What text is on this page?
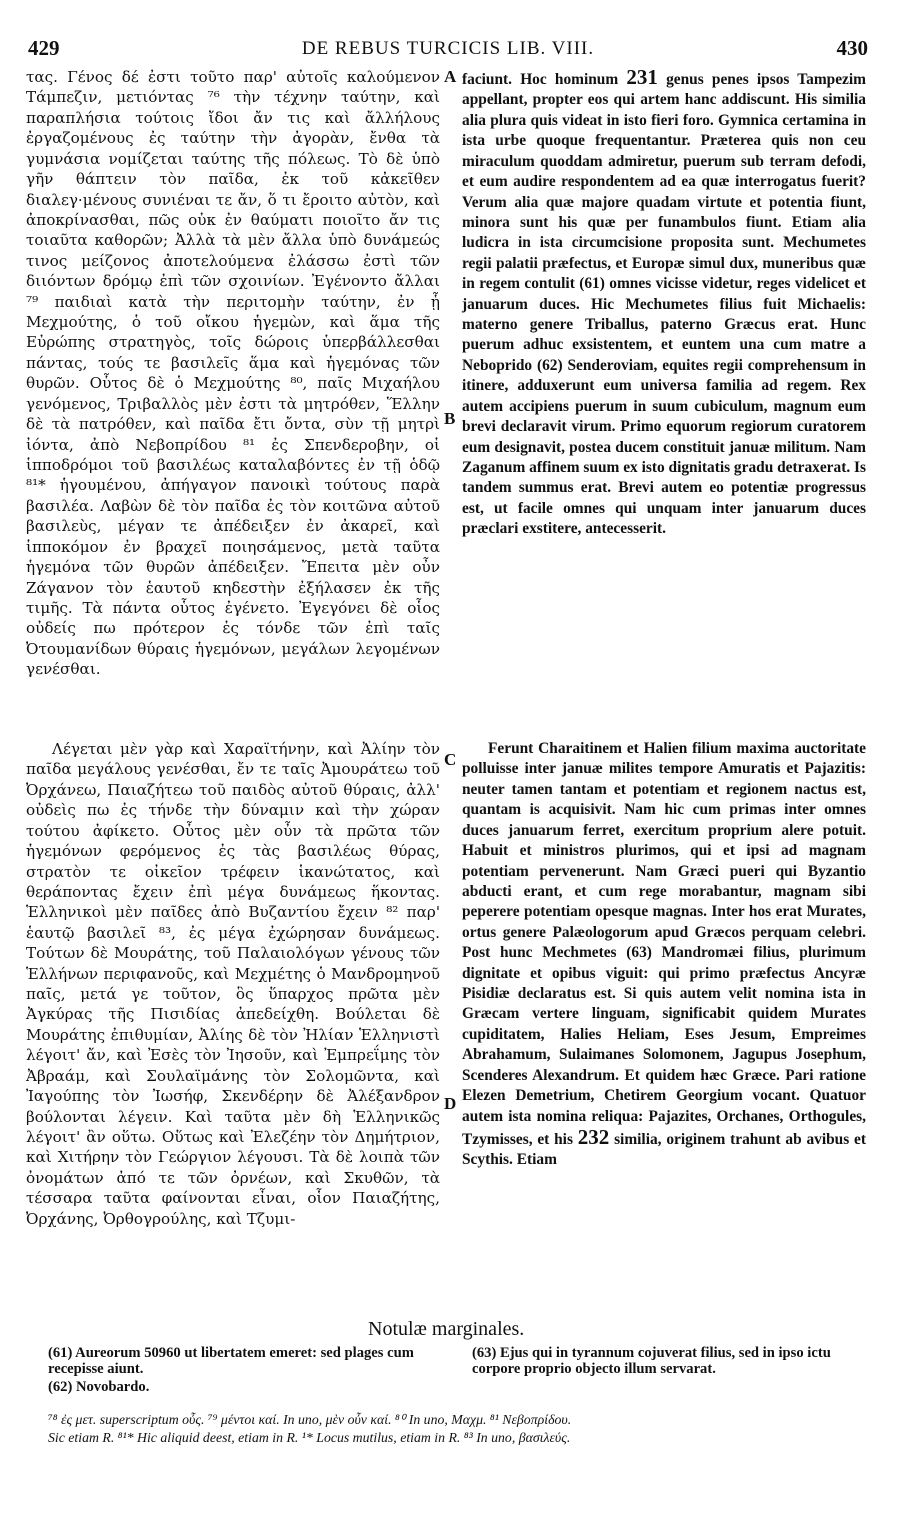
429	DE REBUS TURCICIS LIB. VIII.	430

τας. Γένος δέ ἐστι τοῦτο παρ' αὐτοῖς καλούμενον Τάμπεζιν, μετιόντας ⁷⁶ τὴν τέχνην ταύτην, καὶ παραπλήσια τούτοις ἴδοι ἄν τις καὶ ἄλλήλους ἐργαζομένους ἐς ταύτην τὴν ἀγορὰν, ἔνθα τὰ γυμνάσια νομίζεται ταύτης τῆς πόλεως. Τὸ δὲ ὑπὸ γῆν θάπτειν τὸν παῖδα, ἐκ τοῦ κἀκεῖθεν διαλεγ·μένους συνιέναι τε ἄν, ὅ τι ἔροιτο αὐτὸν, καὶ ἀποκρίνασθαι, πῶς οὐκ ἐν θαύματι ποιοῖτο ἄν τις τοιαῦτα καθορῶν; Ἀλλὰ τὰ μὲν ἄλλα ὑπὸ δυνάμεώς τινος μείζονος ἀποτελούμενα ἐλάσσω ἐστὶ τῶν διιόντων δρόμῳ ἐπὶ τῶν σχοινίων. Ἐγένοντο ἄλλαι ⁷⁹ παιδιαὶ κατὰ τὴν περιτομὴν ταύτην, ἐν ᾗ Μεχμούτης, ὁ τοῦ οἴκου ἡγεμὼν, καὶ ἅμα τῆς Εὐρώπης στρατηγὸς, τοῖς δώροις ὑπερβάλλεσθαι πάντας, τούς τε βασιλεῖς ἅμα καὶ ἡγεμόνας τῶν θυρῶν. Οὗτος δὲ ὁ Μεχμούτης ⁸⁰, παῖς Μιχαήλου γενόμενος, Τριβαλλὸς μὲν ἐστι τὰ μητρόθεν, Ἕλλην δὲ τὰ πατρόθεν, καὶ παῖδα ἔτι ὄντα, σὺν τῇ μητρὶ ἰόντα, ἀπὸ Νεβοπρίδου ⁸¹ ἐς Σπενδεροβην, οἱ ἱπποδρόμοι τοῦ βασιλέως καταλαβόντες ἐν τῇ ὁδῷ ⁸¹* ἡγουμένου, ἀπήγαγον πανοικὶ τούτους παρὰ βασιλέα. Λαβὼν δὲ τὸν παῖδα ἐς τὸν κοιτῶνα αὐτοῦ βασιλεὺς, μέγαν τε ἀπέδειξεν ἐν ἀκαρεῖ, καὶ ἱπποκόμον ἐν βραχεῖ ποιησάμενος, μετὰ ταῦτα ἡγεμόνα τῶν θυρῶν ἀπέδειξεν. Ἔπειτα μὲν οὖν Ζάγανον τὸν ἑαυτοῦ κηδεστὴν ἐξήλασεν ἐκ τῆς τιμῆς. Τὰ πάντα οὗτος ἐγένετο. Ἐγεγόνει δὲ οἷος οὐδείς πω πρότερον ἐς τόνδε τῶν ἐπὶ ταῖς Ὀτουμανίδων θύραις ἡγεμόνων, μεγάλων λεγομένων γενέσθαι.

Λέγεται μὲν γὰρ καὶ Χαραϊτήνην, καὶ Ἀλίην τὸν παῖδα μεγάλους γενέσθαι, ἔν τε ταῖς Ἀμουράτεω τοῦ Ὀρχάνεω, Παιαζήτεω τοῦ παιδὸς αὐτοῦ θύραις, ἀλλ' οὐδεὶς πω ἐς τήνδε τὴν δύναμιν καὶ τὴν χώραν τούτου ἀφίκετο. Οὗτος μὲν οὖν τὰ πρῶτα τῶν ἡγεμόνων φερόμενος ἐς τὰς βασιλέως θύρας, στρατὸν τε οἰκεῖον τρέφειν ἱκανώτατος, καὶ θεράποντας ἔχειν ἐπὶ μέγα δυνάμεως ἥκοντας. Ἑλληνικοὶ μὲν παῖδες ἀπὸ Βυζαντίου ἔχειν ⁸² παρ' ἑαυτῷ βασιλεῖ ⁸³, ἐς μέγα ἐχώρησαν δυνάμεως. Τούτων δὲ Μουράτης, τοῦ Παλαιολόγων γένους τῶν Ἑλλήνων περιφανοῦς, καὶ Μεχμέτης ὁ Μανδρομηνοῦ παῖς, μετά γε τοῦτον, ὃς ὕπαρχος πρῶτα μὲν Ἀγκύρας τῆς Πισιδίας ἀπεδείχθη. Βούλεται δὲ Μουράτης ἐπιθυμίαν, Ἀλίης δὲ τὸν Ἠλίαν Ἑλληνιστὶ λέγοιτ' ἄν, καὶ Ἐσὲς τὸν Ἰησοῦν, καὶ Ἐμπρεΐμης τὸν Ἀβραάμ, καὶ Σουλαϊμάνης τὸν Σολομῶντα, καὶ Ἰαγούπης τὸν Ἰωσήφ, Σκενδέρην δὲ Ἀλέξανδρον βούλονται λέγειν. Καὶ ταῦτα μὲν δὴ Ἑλληνικῶς λέγοιτ' ἂν οὕτω. Οὕτως καὶ Ἐλεζέην τὸν Δημήτριον, καὶ Χιτήρην τὸν Γεώργιον λέγουσι. Τὰ δὲ λοιπὰ τῶν ὀνομάτων ἀπό τε τῶν ὀρνέων, καὶ Σκυθῶν, τὰ τέσσαρα ταῦτα φαίνονται εἶναι, οἷον Παιαζήτης, Ὀρχάνης, Ὀρθογρούλης, καὶ Τζυμι-

A
B
C
D

faciunt. Hoc hominum 231 genus penes ipsos Tampezim appellant, propter eos qui artem hanc addiscunt. His similia alia plura quis videat in isto fieri foro. Gymnica certamina in ista urbe quoque frequentantur. Præterea quis non ceu miraculum quoddam admiretur, puerum sub terram defodi, et eum audire respondentem ad ea quæ interrogatus fuerit? Verum alia quæ majore quadam virtute et potentia fiunt, minora sunt his quæ per funambulos fiunt. Etiam alia ludicra in ista circumcisione proposita sunt. Mechumetes regii palatii præfectus, et Europæ simul dux, muneribus quæ in regem contulit (61) omnes vicisse videtur, reges videlicet et januarum duces. Hic Mechumetes filius fuit Michaelis: materno genere Triballus, paterno Græcus erat. Hunc puerum adhuc exsistentem, et euntem una cum matre a Neboprido (62) Senderoviam, equites regii comprehensum in itinere, adduxerunt eum universa familia ad regem. Rex autem accipiens puerum in suum cubiculum, magnum eum brevi declaravit virum. Primo equorum regiorum curatorem eum designavit, postea ducem constituit januæ militum. Nam Zaganum affinem suum ex isto dignitatis gradu detraxerat. Is tandem summus erat. Brevi autem eo potentiæ progressus est, ut facile omnes qui unquam inter januarum duces præclari exstitere, antecesserit.

Ferunt Charaitinem et Halien filium maxima auctoritate polluisse inter januæ milites tempore Amuratis et Pajazitis: neuter tamen tantam et potentiam et regionem nactus est, quantam is acquisivit. Nam hic cum primas inter omnes duces januarum ferret, exercitum proprium alere potuit. Habuit et ministros plurimos, qui et ipsi ad magnam potentiam pervenerunt. Nam Græci pueri qui Byzantio abducti erant, et cum rege morabantur, magnam sibi peperere potentiam opesque magnas. Inter hos erat Murates, ortus genere Palæologorum apud Græcos perquam celebri. Post hunc Mechmetes (63) Mandromæi filius, plurimum dignitate et opibus viguit: qui primo præfectus Ancyræ Pisidiæ declaratus est. Si quis autem velit nomina ista in Græcam vertere linguam, significabit quidem Murates cupiditatem, Halies Heliam, Eses Jesum, Empreimes Abrahamum, Sulaimanes Solomonem, Jagupus Josephum, Scenderes Alexandrum. Et quidem hæc Græce. Pari ratione Elezen Demetrium, Chetirem Georgium vocant. Quatuor autem ista nomina reliqua: Pajazites, Orchanes, Orthogules, Tzymisses, et his 232 similia, originem trahunt ab avibus et Scythis. Etiam

Notulæ marginales.
(61) Aureorum 50960 ut libertatem emeret: sed plages cum recepisse aiunt.
(62) Novobardo.
(63) Ejus qui in tyrannum cojuverat filius, sed in ipso ictu corpore proprio objecto illum servarat.
⁷⁸ ἐς μετ. superscriptum οὖς. ⁷⁹ μέντοι καί. In uno, μὲν οὖν καί. ⁸⁰ In uno, Μαχμ. ⁸¹ Νεβοπρίδου.
Sic etiam R. ⁸¹* Hic aliquid deest, etiam in R. ¹* Locus mutilus, etiam in R. ⁸³ In uno, βασιλεύς.
